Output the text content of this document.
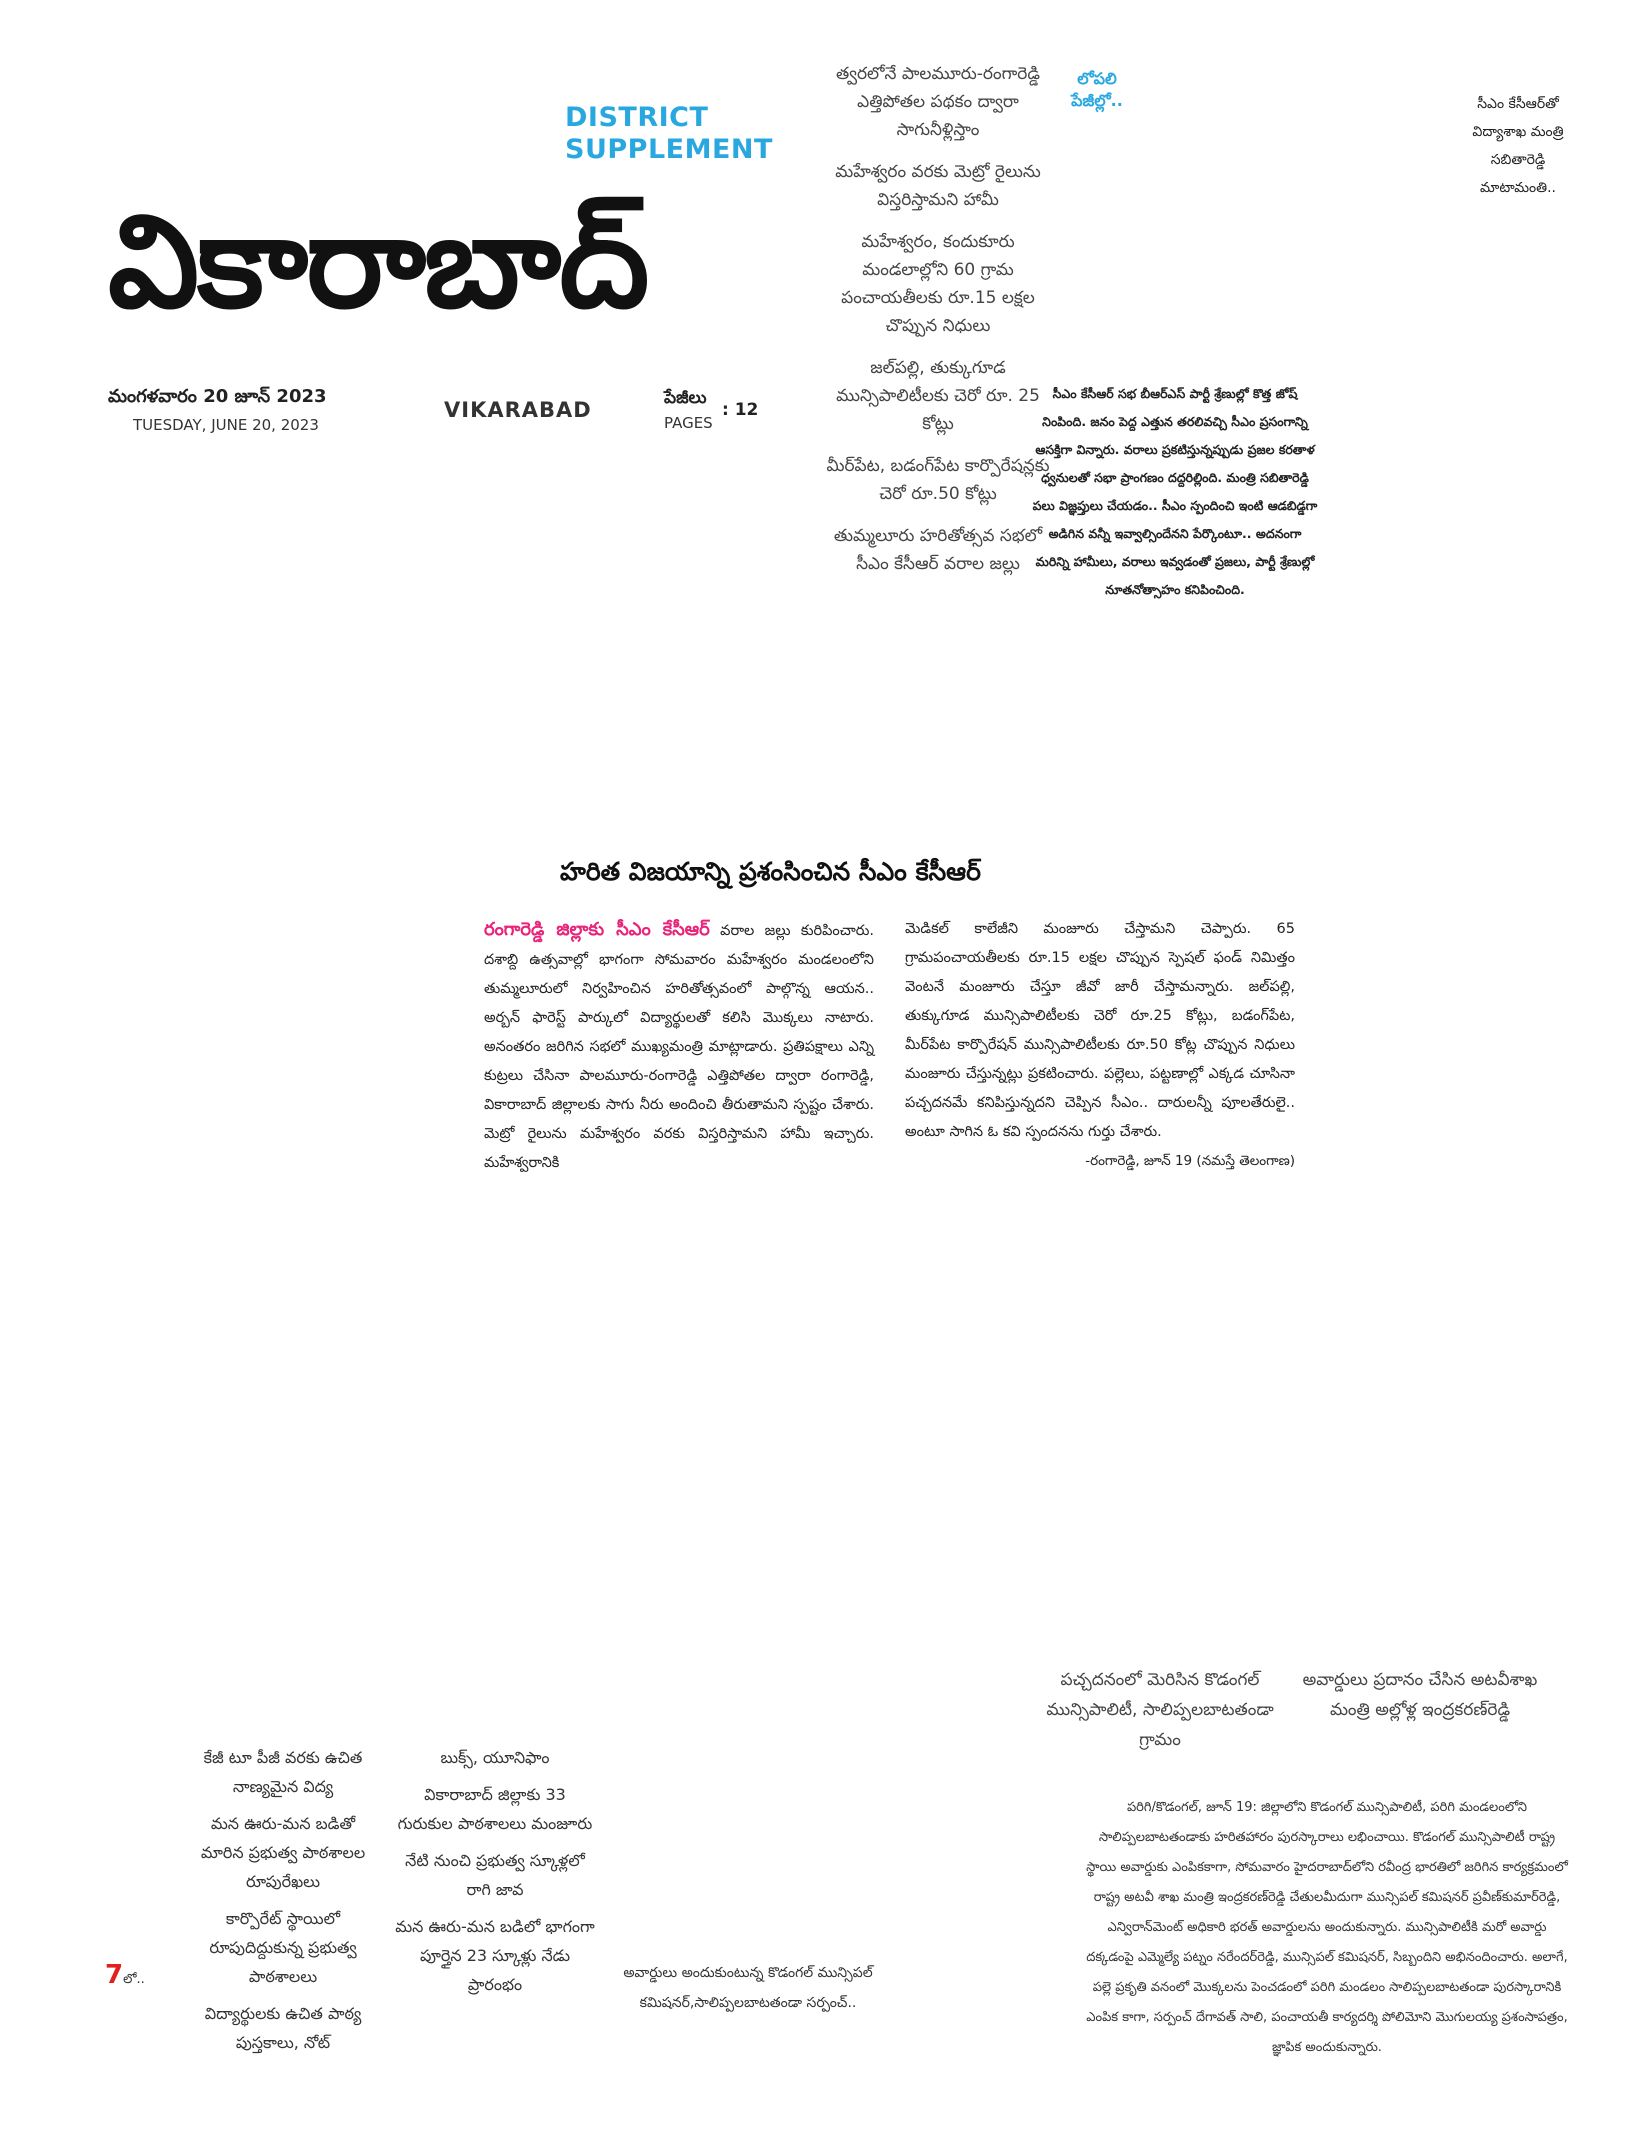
DISTRICT
SUPPLEMENT
వికారాబాద్
మంగళవారం 20 జూన్ 2023
TUESDAY, JUNE 20, 2023
VIKARABAD	పేజీలు
PAGES
: 12
త్వరలోనే పాలమూరు-రంగారెడ్డి ఎత్తిపోతల పథకం ద్వారా సాగునీళ్లిస్తాం
మహేశ్వరం వరకు మెట్రో రైలును విస్తరిస్తామని హామీ
మహేశ్వరం, కందుకూరు మండలాల్లోని 60 గ్రామ పంచాయతీలకు రూ.15 లక్షల చొప్పున నిధులు
జల్‌పల్లి, తుక్కుగూడ మున్సిపాలిటీలకు చెరో రూ. 25 కోట్లు
మీర్‌పేట, బడంగ్‌పేట కార్పొరేషన్లకు చెరో రూ.50 కోట్లు
తుమ్మలూరు హరితోత్సవ సభలో సీఎం కేసీఆర్ వరాల జల్లు
లోపలి పేజీల్లో..	సీఎం కేసీఆర్‌తో విద్యాశాఖ మంత్రి సబితారెడ్డి మాటామంతి..
సీఎం కేసీఆర్ సభ బీఆర్ఎస్ పార్టీ శ్రేణుల్లో కొత్త జోష్ నింపింది. జనం పెద్ద ఎత్తున తరలివచ్చి సీఎం ప్రసంగాన్ని ఆసక్తిగా విన్నారు. వరాలు ప్రకటిస్తున్నప్పుడు ప్రజల కరతాళ ధ్వనులతో సభా ప్రాంగణం దద్దరిల్లింది. మంత్రి సబితారెడ్డి పలు విజ్ఞప్తులు చేయడం.. సీఎం స్పందించి ఇంటి ఆడబిడ్డగా అడిగిన వన్నీ ఇవ్వాల్సిందేనని పేర్కొంటూ.. అదనంగా మరిన్ని హామీలు, వరాలు ఇవ్వడంతో ప్రజలు, పార్టీ శ్రేణుల్లో నూతనోత్సాహం కనిపించింది.
హరిత విజయాన్ని ప్రశంసించిన సీఎం కేసీఆర్
రంగారెడ్డి జిల్లాకు సీఎం కేసీఆర్ వరాల జల్లు కురిపించారు. దశాబ్ది ఉత్సవాల్లో భాగంగా సోమవారం మహేశ్వరం మండలంలోని తుమ్మలూరులో నిర్వహించిన హరితోత్సవంలో పాల్గొన్న ఆయన.. అర్బన్ ఫారెస్ట్ పార్కులో విద్యార్థులతో కలిసి మొక్కలు నాటారు. అనంతరం జరిగిన సభలో ముఖ్యమంత్రి మాట్లాడారు. ప్రతిపక్షాలు ఎన్ని కుట్రలు చేసినా పాలమూరు-రంగారెడ్డి ఎత్తిపోతల ద్వారా రంగారెడ్డి, వికారాబాద్ జిల్లాలకు సాగు నీరు అందించి తీరుతామని స్పష్టం చేశారు. మెట్రో రైలును మహేశ్వరం వరకు విస్తరిస్తామని హామీ ఇచ్చారు. మహేశ్వరానికి
మెడికల్ కాలేజీని మంజూరు చేస్తామని చెప్పారు. 65 గ్రామపంచాయతీలకు రూ.15 లక్షల చొప్పున స్పెషల్ ఫండ్ నిమిత్తం వెంటనే మంజూరు చేస్తూ జీవో జారీ చేస్తామన్నారు. జల్‌పల్లి, తుక్కుగూడ మున్సిపాలిటీలకు చెరో రూ.25 కోట్లు, బడంగ్‌పేట, మీర్‌పేట కార్పొరేషన్ మున్సిపాలిటీలకు రూ.50 కోట్ల చొప్పున నిధులు మంజూరు చేస్తున్నట్లు ప్రకటించారు. పల్లెలు, పట్టణాల్లో ఎక్కడ చూసినా పచ్చదనమే కనిపిస్తున్నదని చెప్పిన సీఎం.. దారులన్నీ పూలతేరులై.. అంటూ సాగిన ఓ కవి స్పందనను గుర్తు చేశారు.
-రంగారెడ్డి, జూన్ 19 (నమస్తే తెలంగాణ)
కేజీ టూ పీజీ వరకు ఉచిత నాణ్యమైన విద్య
మన ఊరు-మన బడితో మారిన ప్రభుత్వ పాఠశాలల రూపురేఖలు
కార్పొరేట్ స్థాయిలో రూపుదిద్దుకున్న ప్రభుత్వ పాఠశాలలు
విద్యార్థులకు ఉచిత పాఠ్య పుస్తకాలు, నోట్
బుక్స్, యూనిఫాం
వికారాబాద్ జిల్లాకు 33 గురుకుల పాఠశాలలు మంజూరు
నేటి నుంచి ప్రభుత్వ స్కూళ్లలో రాగి జావ
మన ఊరు-మన బడిలో భాగంగా పూర్తైన 23 స్కూళ్లు నేడు ప్రారంభం
7లో..	అవార్డులు అందుకుంటున్న కొడంగల్ మున్సిపల్ కమిషనర్,సాలిప్పలబాటతండా సర్పంచ్..
పచ్చదనంలో మెరిసిన కొడంగల్ మున్సిపాలిటీ, సాలిప్పలబాటతండా గ్రామం
అవార్డులు ప్రదానం చేసిన అటవీశాఖ మంత్రి అల్లోళ్ల ఇంద్రకరణ్‌రెడ్డి
పరిగి/కొడంగల్, జూన్ 19: జిల్లాలోని కొడంగల్ మున్సిపాలిటీ, పరిగి మండలంలోని సాలిప్పలబాటతండాకు హరితహారం పురస్కారాలు లభించాయి. కొడంగల్ మున్సిపాలిటీ రాష్ట్ర స్థాయి అవార్డుకు ఎంపికకాగా, సోమవారం హైదరాబాద్‌లోని రవీంద్ర భారతిలో జరిగిన కార్యక్రమంలో రాష్ట్ర అటవీ శాఖ మంత్రి ఇంద్రకరణ్‌రెడ్డి చేతులమీదుగా మున్సిపల్ కమిషనర్ ప్రవీణ్‌కుమార్‌రెడ్డి, ఎన్విరాన్‌మెంట్ అధికారి భరత్ అవార్డులను అందుకున్నారు. మున్సిపాలిటీకి మరో అవార్డు దక్కడంపై ఎమ్మెల్యే పట్నం నరేందర్‌రెడ్డి, మున్సిపల్ కమిషనర్, సిబ్బందిని అభినందించారు. అలాగే, పల్లె ప్రకృతి వనంలో మొక్కలను పెంచడంలో పరిగి మండలం సాలిప్పలబాటతండా పురస్కారానికి ఎంపిక కాగా, సర్పంచ్ దేగావత్ సాలి, పంచాయతీ కార్యదర్శి పోలిమోని మొగులయ్య ప్రశంసాపత్రం, జ్ఞాపిక అందుకున్నారు.
